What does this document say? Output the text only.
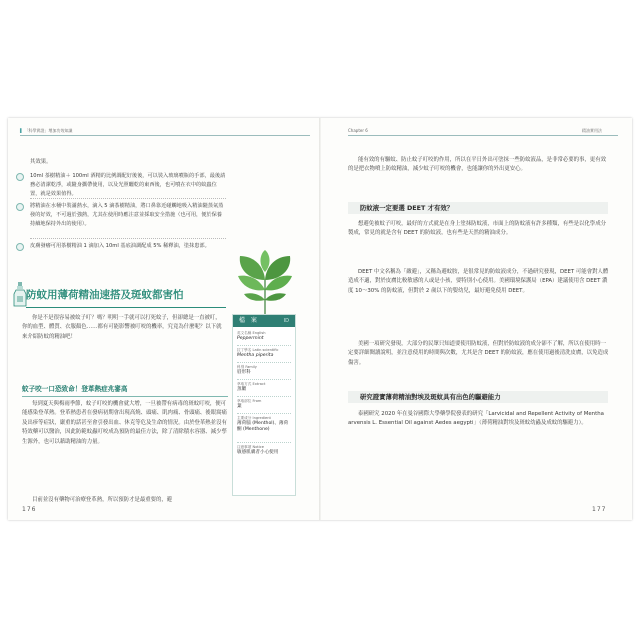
▌ 「科學實證」增加功效知識
其效果。
10ml 茶樹精油＋ 100ml 酒精的比例調配好後後，可以裝入玻璃噴瓶的手部，最後請務必清潔乾淨，或隨身攜帶使用，以及光照曬乾的東西後，也可噴在衣中的蚊蟲位置，就是效果值得。
將精油在水桶中裝滿熱水，滴入 5 滴茶樹精油，將口鼻靠近碰觸地吸入精油隨蒸氣蒸發的好效，不可過於強熱，尤其在使用時應注意並採取安全措施（也可用，便於保養持續地保持外出的使用）。
皮膚發癢可用茶樹精油 1 滴加入 10ml 基底油調配成 5% 稀釋油，塗抹患部。
防蚊用薄荷精油速搭及斑蚊都害怕

你是不是很容易被蚊子叮？嗎？明明一手就可以打死蚊子，但卻總是一直被叮，你的血型、體質、衣服顏色……都有可能影響被叮咬的機率，究竟為什麼呢？以下就來介紹防蚊的精油吧！

蚊子咬一口恐致命！登革熱症兆審高

每到夏天與梅雨季節，蚊子叮咬的機會就大增，一旦被帶有病毒的斑蚊叮咬，便可能感染登革熱。登革熱患者在發病初期會出現高燒、頭痛、肌肉痛、骨頭痛、後眼窩痛及出疹等症狀，嚴重的話甚至會引發出血、休克等危及生命的情況。由於登革熱並沒有特效藥可以醫治，因此防範蚊蟲叮咬成為預防的最佳方法，除了清除積水容器、減少孳生源外，也可以藉助精油的力量。

目前並沒有藥物可治療登革熱，所以預防才是最重要的，避

176
檔 案	ID
英文名稱 English
Peppermint
拉丁學名 Latin scientific
Mentha piperita
科別 Family
唇形科
萃取方式 Extract
蒸餾
萃取部位 From
葉
主要成分 Ingredient
薄荷腦 (Menthol)、薄荷酮 (Menthone)
注意事項 Notice
敏感肌膚者小心使用
Chapter 6	精油實用法

能有效的有驅蚊、防止蚊子叮咬的作用，所以在平日外出可塗抹一些防蚊液品，是非常必要的事，更有效的是把衣物噴上防蚊精油，減少蚊子叮咬的機會，也能讓你的外出更安心。

防蚊液一定要選 DEET 才有效？

想避免被蚊子叮咬，最好的方式就是在身上塗抹防蚊液，市面上的防蚊液有許多種類，有些是以化學成分製成，常見的就是含有 DEET 的防蚊液，也有些是天然的精油成分。

DEET 中文名稱為「敵避」，又稱為避蚊胺，是很常見的防蚊液成分，不過研究發現，DEET 可能會對人體造成不適，對於皮膚比較敏感的人或是小孩，要特別小心使用。美國環境保護局（EPA）建議使用含 DEET 濃度 10～30% 的防蚊液，但對於 2 歲以下的嬰幼兒，最好避免使用 DEET。

美國一項研究發現，大部分的民眾只知道要使用防蚊液，但對於防蚊液的成分卻不了解，所以在使用時一定要詳細閱讀說明，並注意使用的時間與次數，尤其是含 DEET 的防蚊液，應在使用過後清洗皮膚，以免造成傷害。

研究證實薄荷精油對埃及斑蚊具有出色的驅避能力

泰國研究 2020 年在曼谷國際大學藥學院發表的研究「Larvicidal and Repellent Activity of Mentha arvensis L. Essential Oil against Aedes aegypti」（薄荷精油對埃及斑蚊幼蟲及成蚊的驅避力）。

177
